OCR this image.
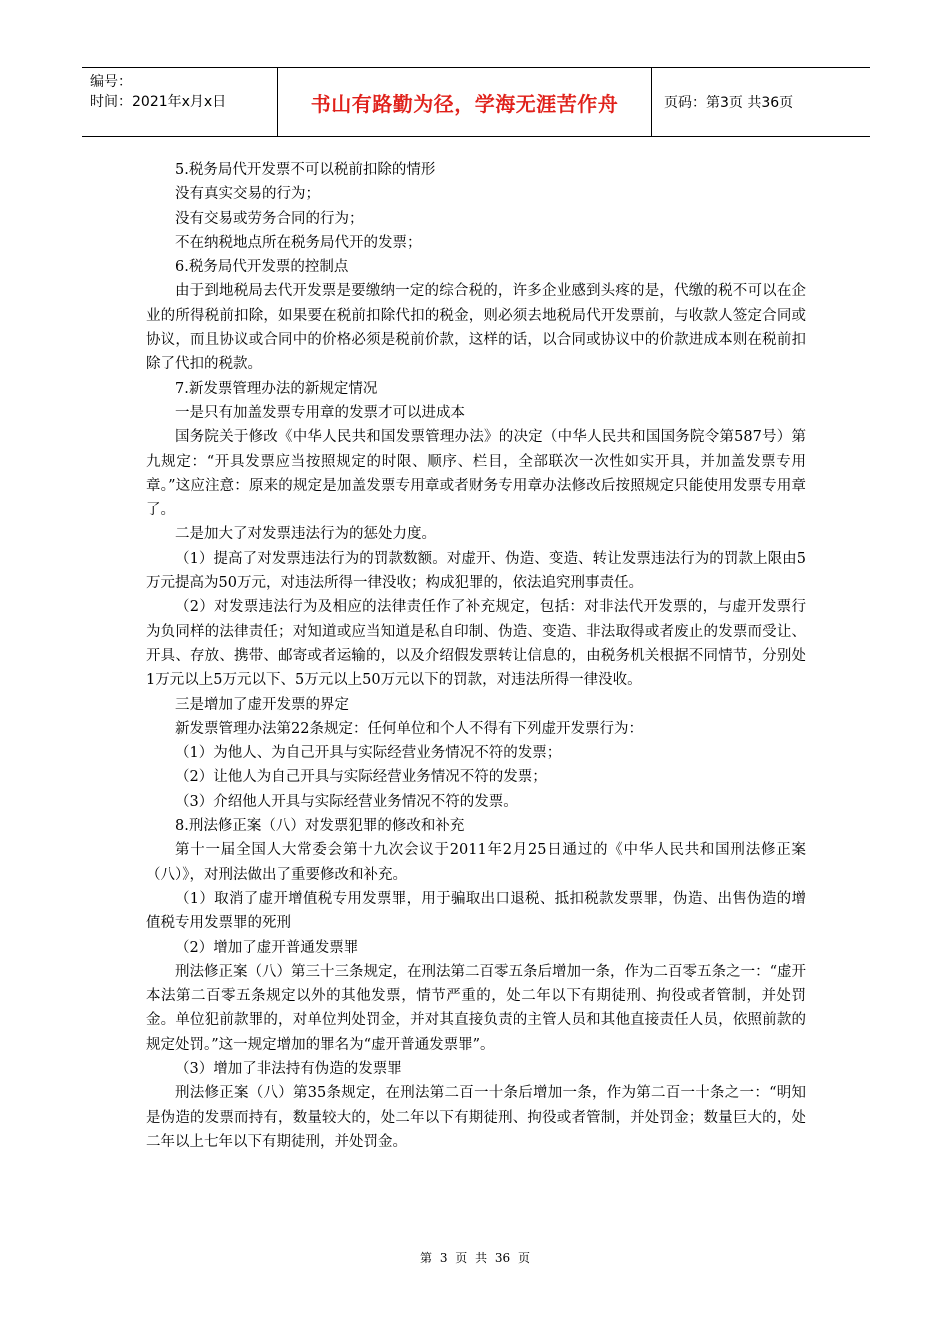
编号：
时间：2021年x月x日	书山有路勤为径，学海无涯苦作舟	页码：第3页 共36页

5.税务局代开发票不可以税前扣除的情形

没有真实交易的行为；

没有交易或劳务合同的行为；

不在纳税地点所在税务局代开的发票；

6.税务局代开发票的控制点

由于到地税局去代开发票是要缴纳一定的综合税的，许多企业感到头疼的是，代缴的税不可以在企业的所得税前扣除，如果要在税前扣除代扣的税金，则必须去地税局代开发票前，与收款人签定合同或协议，而且协议或合同中的价格必须是税前价款，这样的话，以合同或协议中的价款进成本则在税前扣除了代扣的税款。

7.新发票管理办法的新规定情况

一是只有加盖发票专用章的发票才可以进成本

国务院关于修改《中华人民共和国发票管理办法》的决定（中华人民共和国国务院令第587号）第九规定：“开具发票应当按照规定的时限、顺序、栏目，全部联次一次性如实开具，并加盖发票专用章。”这应注意：原来的规定是加盖发票专用章或者财务专用章办法修改后按照规定只能使用发票专用章了。

二是加大了对发票违法行为的惩处力度。

（1）提高了对发票违法行为的罚款数额。对虚开、伪造、变造、转让发票违法行为的罚款上限由5万元提高为50万元，对违法所得一律没收；构成犯罪的，依法追究刑事责任。

（2）对发票违法行为及相应的法律责任作了补充规定，包括：对非法代开发票的，与虚开发票行为负同样的法律责任；对知道或应当知道是私自印制、伪造、变造、非法取得或者废止的发票而受让、开具、存放、携带、邮寄或者运输的，以及介绍假发票转让信息的，由税务机关根据不同情节，分别处1万元以上5万元以下、5万元以上50万元以下的罚款，对违法所得一律没收。

三是增加了虚开发票的界定

新发票管理办法第22条规定：任何单位和个人不得有下列虚开发票行为：

（1）为他人、为自己开具与实际经营业务情况不符的发票；

（2）让他人为自己开具与实际经营业务情况不符的发票；

（3）介绍他人开具与实际经营业务情况不符的发票。

8.刑法修正案（八）对发票犯罪的修改和补充

第十一届全国人大常委会第十九次会议于2011年2月25日通过的《中华人民共和国刑法修正案（八）》，对刑法做出了重要修改和补充。

（1）取消了虚开增值税专用发票罪，用于骗取出口退税、抵扣税款发票罪，伪造、出售伪造的增值税专用发票罪的死刑

（2）增加了虚开普通发票罪

刑法修正案（八）第三十三条规定，在刑法第二百零五条后增加一条，作为二百零五条之一：“虚开本法第二百零五条规定以外的其他发票，情节严重的，处二年以下有期徒刑、拘役或者管制，并处罚金。单位犯前款罪的，对单位判处罚金，并对其直接负责的主管人员和其他直接责任人员，依照前款的规定处罚。”这一规定增加的罪名为“虚开普通发票罪”。

（3）增加了非法持有伪造的发票罪

刑法修正案（八）第35条规定，在刑法第二百一十条后增加一条，作为第二百一十条之一：“明知是伪造的发票而持有，数量较大的，处二年以下有期徒刑、拘役或者管制，并处罚金；数量巨大的，处二年以上七年以下有期徒刑，并处罚金。

第 3 页 共 36 页
